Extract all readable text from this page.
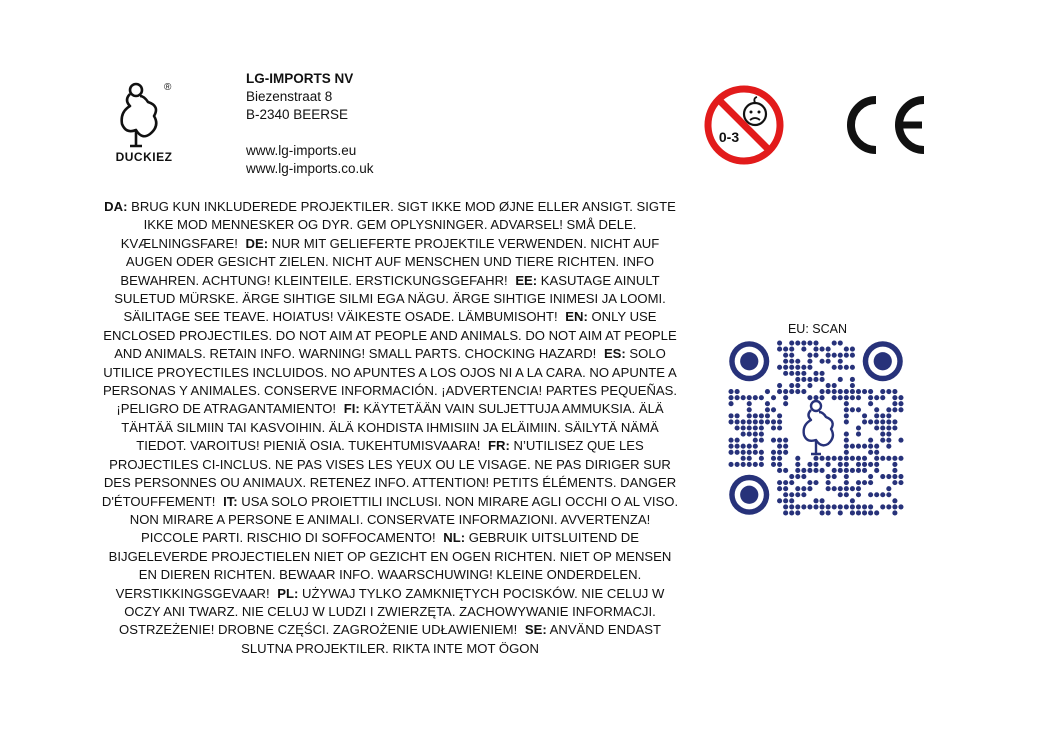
®
DUCKIEZ
LG-IMPORTS NV
Biezenstraat 8
B-2340 BEERSE
www.lg-imports.eu
www.lg-imports.co.uk
0-3
DA: BRUG KUN INKLUDEREDE PROJEKTILER. SIGT IKKE MOD ØJNE ELLER ANSIGT. SIGTE IKKE MOD MENNESKER OG DYR. GEM OPLYSNINGER. ADVARSEL! SMÅ DELE. KVÆLNINGSFARE! DE: NUR MIT GELIEFERTE PROJEKTILE VERWENDEN. NICHT AUF AUGEN ODER GESICHT ZIELEN. NICHT AUF MENSCHEN UND TIERE RICHTEN. INFO BEWAHREN. ACHTUNG! KLEINTEILE. ERSTICKUNGSGEFAHR! EE: KASUTAGE AINULT SULETUD MÜRSKE. ÄRGE SIHTIGE SILMI EGA NÄGU. ÄRGE SIHTIGE INIMESI JA LOOMI. SÄILITAGE SEE TEAVE. HOIATUS! VÄIKESTE OSADE. LÄMBUMISOHT! EN: ONLY USE ENCLOSED PROJECTILES. DO NOT AIM AT PEOPLE AND ANIMALS. DO NOT AIM AT PEOPLE AND ANIMALS. RETAIN INFO. WARNING! SMALL PARTS. CHOCKING HAZARD! ES: SOLO UTILICE PROYECTILES INCLUIDOS. NO APUNTES A LOS OJOS NI A LA CARA. NO APUNTE A PERSONAS Y ANIMALES. CONSERVE INFORMACIÓN. ¡ADVERTENCIA! PARTES PEQUEÑAS. ¡PELIGRO DE ATRAGANTAMIENTO! FI: KÄYTETÄÄN VAIN SULJETTUJA AMMUKSIA. ÄLÄ TÄHTÄÄ SILMIIN TAI KASVOIHIN. ÄLÄ KOHDISTA IHMISIIN JA ELÄIMIIN. SÄILYTÄ NÄMÄ TIEDOT. VAROITUS! PIENIÄ OSIA. TUKEHTUMISVAARA! FR: N’UTILISEZ QUE LES PROJECTILES CI-INCLUS. NE PAS VISES LES YEUX OU LE VISAGE. NE PAS DIRIGER SUR DES PERSONNES OU ANIMAUX. RETENEZ INFO. ATTENTION! PETITS ÉLÉMENTS. DANGER D'ÉTOUFFEMENT! IT: USA SOLO PROIETTILI INCLUSI. NON MIRARE AGLI OCCHI O AL VISO. NON MIRARE A PERSONE E ANIMALI. CONSERVATE INFORMAZIONI. AVVERTENZA! PICCOLE PARTI. RISCHIO DI SOFFOCAMENTO! NL: GEBRUIK UITSLUITEND DE BIJGELEVERDE PROJECTIELEN NIET OP GEZICHT EN OGEN RICHTEN. NIET OP MENSEN EN DIEREN RICHTEN. BEWAAR INFO. WAARSCHUWING! KLEINE ONDERDELEN. VERSTIKKINGSGEVAAR! PL: UŻYWAJ TYLKO ZAMKNIĘTYCH POCISKÓW. NIE CELUJ W OCZY ANI TWARZ. NIE CELUJ W LUDZI I ZWIERZĘTA. ZACHOWYWANIE INFORMACJI. OSTRZEŻENIE! DROBNE CZĘŚCI. ZAGROŻENIE UDŁAWIENIEM! SE: ANVÄND ENDAST SLUTNA PROJEKTILER. RIKTA INTE MOT ÖGON
EU: SCAN
